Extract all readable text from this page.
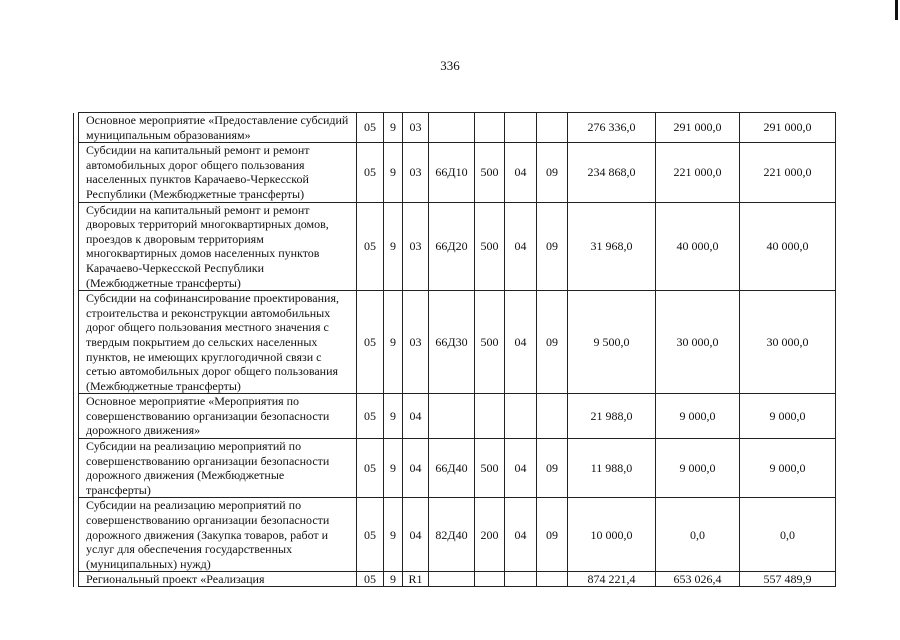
336
	Основное мероприятие «Предоставление субсидий муниципальным образованиям»	05	9	03					276 336,0	291 000,0	291 000,0
	Субсидии на капитальный ремонт и ремонт автомобильных дорог общего пользования населенных пунктов Карачаево-Черкесской Республики (Межбюджетные трансферты)	05	9	03	66Д10	500	04	09	234 868,0	221 000,0	221 000,0
	Субсидии на капитальный ремонт и ремонт дворовых территорий многоквартирных домов, проездов к дворовым территориям многоквартирных домов населенных пунктов Карачаево-Черкесской Республики (Межбюджетные трансферты)	05	9	03	66Д20	500	04	09	31 968,0	40 000,0	40 000,0
	Субсидии на софинансирование проектирования, строительства и реконструкции автомобильных дорог общего пользования местного значения с твердым покрытием до сельских населенных пунктов, не имеющих круглогодичной связи с сетью автомобильных дорог общего пользования (Межбюджетные трансферты)	05	9	03	66Д30	500	04	09	9 500,0	30 000,0	30 000,0
	Основное мероприятие «Мероприятия по совершенствованию организации безопасности дорожного движения»	05	9	04					21 988,0	9 000,0	9 000,0
	Субсидии на реализацию мероприятий по совершенствованию организации безопасности дорожного движения (Межбюджетные трансферты)	05	9	04	66Д40	500	04	09	11 988,0	9 000,0	9 000,0
	Субсидии на реализацию мероприятий по совершенствованию организации безопасности дорожного движения (Закупка товаров, работ и услуг для обеспечения государственных (муниципальных) нужд)	05	9	04	82Д40	200	04	09	10 000,0	0,0	0,0
	Региональный проект «Реализация	05	9	R1					874 221,4	653 026,4	557 489,9
